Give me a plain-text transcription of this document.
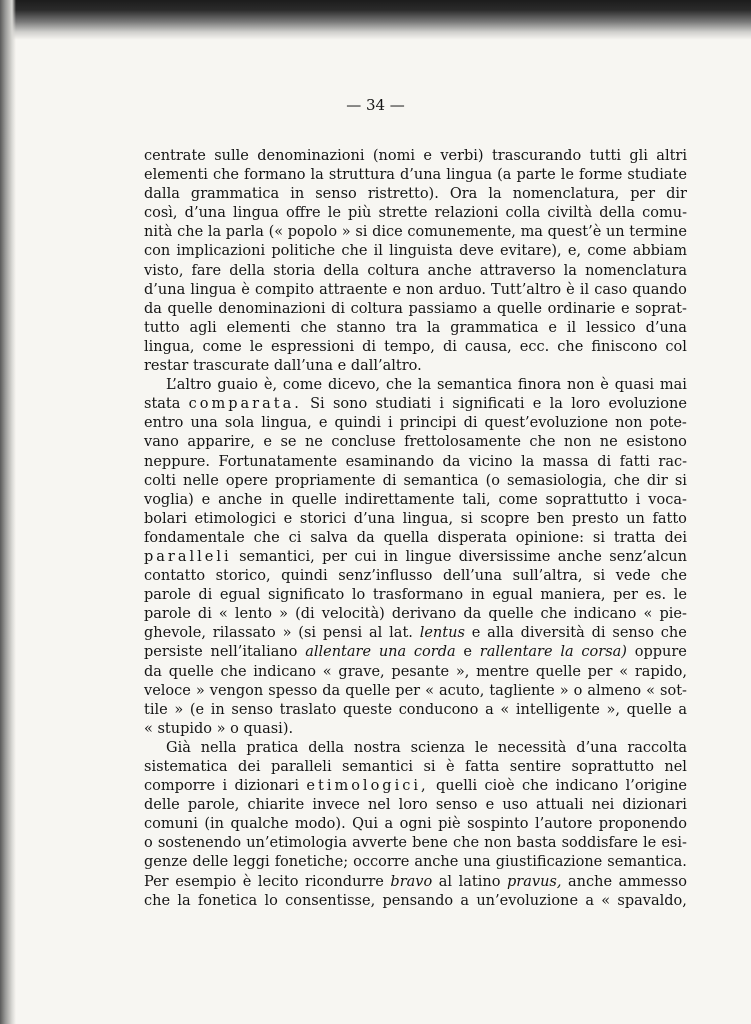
— 34 —
centrate sulle denominazioni (nomi e verbi) trascurando tutti gli altri
elementi che formano la struttura d’una lingua (a parte le forme studiate
dalla grammatica in senso ristretto). Ora la nomenclatura, per dir
così, d’una lingua offre le più strette relazioni colla civiltà della comu-
nità che la parla (« popolo » si dice comunemente, ma quest’è un termine
con implicazioni politiche che il linguista deve evitare), e, come abbiam
visto, fare della storia della coltura anche attraverso la nomenclatura
d’una lingua è compito attraente e non arduo. Tutt’altro è il caso quando
da quelle denominazioni di coltura passiamo a quelle ordinarie e soprat-
tutto agli elementi che stanno tra la grammatica e il lessico d’una
lingua, come le espressioni di tempo, di causa, ecc. che finiscono col
restar
trascurate
dall’una
e
dall’altro.
L’altro guaio è, come dicevo, che la semantica finora non è quasi mai
stata comparata. Si sono studiati i significati e la loro evoluzione
entro una sola lingua, e quindi i principi di quest’evoluzione non pote-
vano apparire, e se ne concluse frettolosamente che non ne esistono
neppure. Fortunatamente esaminando da vicino la massa di fatti rac-
colti nelle opere propriamente di semantica (o semasiologia, che dir si
voglia) e anche in quelle indirettamente tali, come soprattutto i voca-
bolari etimologici e storici d’una lingua, si scopre ben presto un fatto
fondamentale che ci salva da quella disperata opinione: si tratta dei
paralleli semantici, per cui in lingue diversissime anche senz’alcun
contatto storico, quindi senz’influsso dell’una sull’altra, si vede che
parole di egual significato lo trasformano in egual maniera, per es. le
parole di « lento » (di velocità) derivano da quelle che indicano « pie-
ghevole, rilassato » (si pensi al lat. lentus e alla diversità di senso che
persiste nell’italiano allentare una corda e rallentare la corsa) oppure
da quelle che indicano « grave, pesante », mentre quelle per « rapido,
veloce » vengon spesso da quelle per « acuto, tagliente » o almeno « sot-
tile » (e in senso traslato queste conducono a « intelligente », quelle a
«
stupido
»
o
quasi).
Già nella pratica della nostra scienza le necessità d’una raccolta
sistematica dei paralleli semantici si è fatta sentire soprattutto nel
comporre i dizionari etimologici, quelli cioè che indicano l’origine
delle parole, chiarite invece nel loro senso e uso attuali nei dizionari
comuni (in qualche modo). Qui a ogni piè sospinto l’autore proponendo
o sostenendo un’etimologia avverte bene che non basta soddisfare le esi-
genze delle leggi fonetiche; occorre anche una giustificazione semantica.
Per esempio è lecito ricondurre bravo al latino pravus, anche ammesso
che la fonetica lo consentisse, pensando a un’evoluzione a « spavaldo,
